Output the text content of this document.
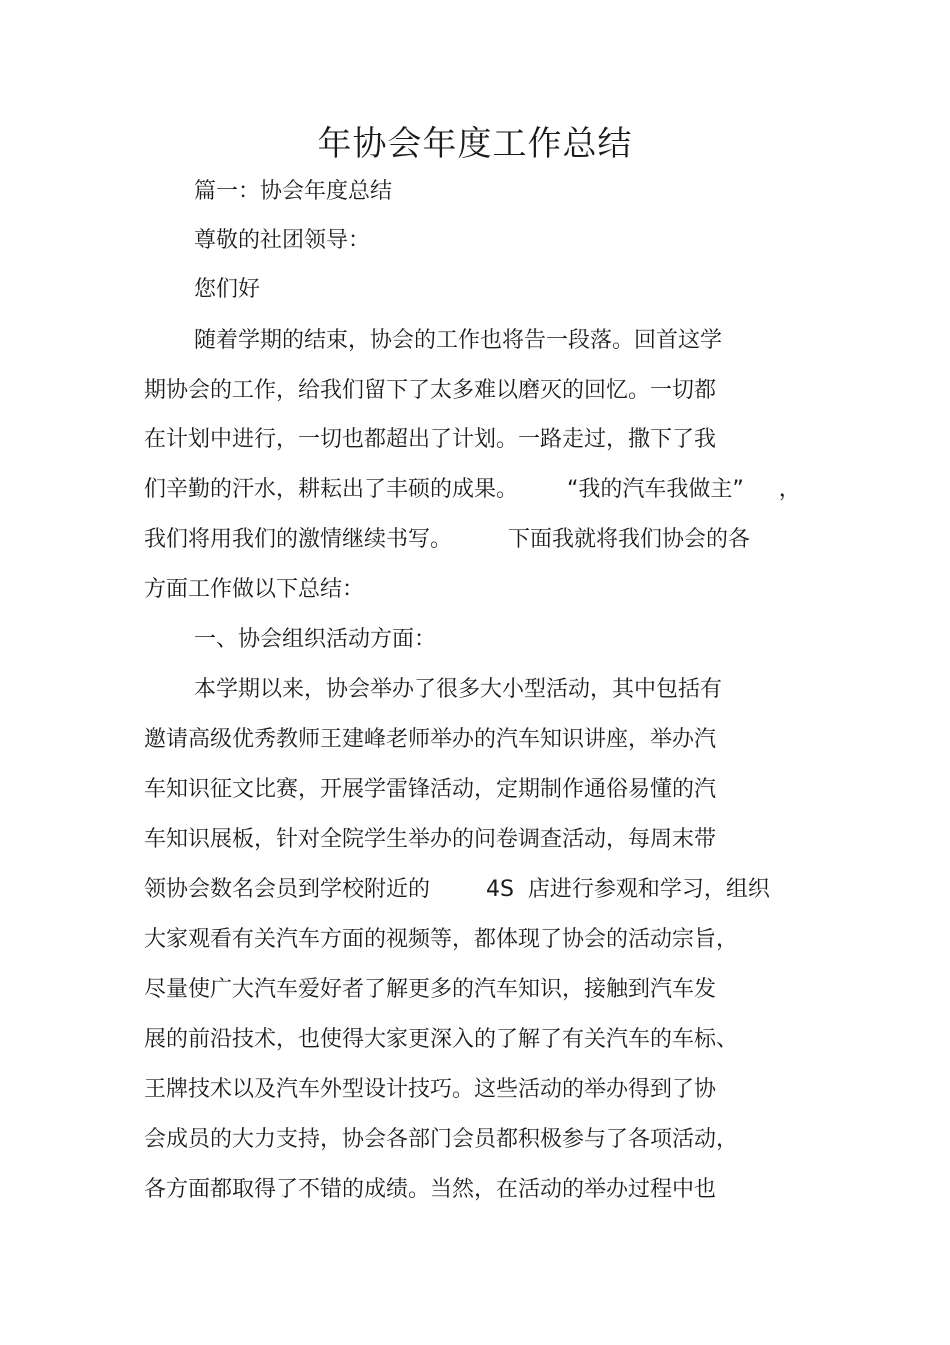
年协会年度工作总结

篇一：协会年度总结

尊敬的社团领导：

您们好

随着学期的结束，协会的工作也将告一段落。回首这学

期协会的工作，给我们留下了太多难以磨灭的回忆。一切都

在计划中进行，一切也都超出了计划。一路走过，撒下了我

们辛勤的汗水，耕耘出了丰硕的成果。       “我的汽车我做主”     ，

我们将用我们的激情继续书写。        下面我就将我们协会的各

方面工作做以下总结：

一、协会组织活动方面：

本学期以来，协会举办了很多大小型活动，其中包括有

邀请高级优秀教师王建峰老师举办的汽车知识讲座，举办汽

车知识征文比赛，开展学雷锋活动，定期制作通俗易懂的汽

车知识展板，针对全院学生举办的问卷调查活动，每周末带

领协会数名会员到学校附近的        4S  店进行参观和学习，组织

大家观看有关汽车方面的视频等，都体现了协会的活动宗旨，

尽量使广大汽车爱好者了解更多的汽车知识，接触到汽车发

展的前沿技术，也使得大家更深入的了解了有关汽车的车标、

王牌技术以及汽车外型设计技巧。这些活动的举办得到了协

会成员的大力支持，协会各部门会员都积极参与了各项活动，

各方面都取得了不错的成绩。当然，在活动的举办过程中也
